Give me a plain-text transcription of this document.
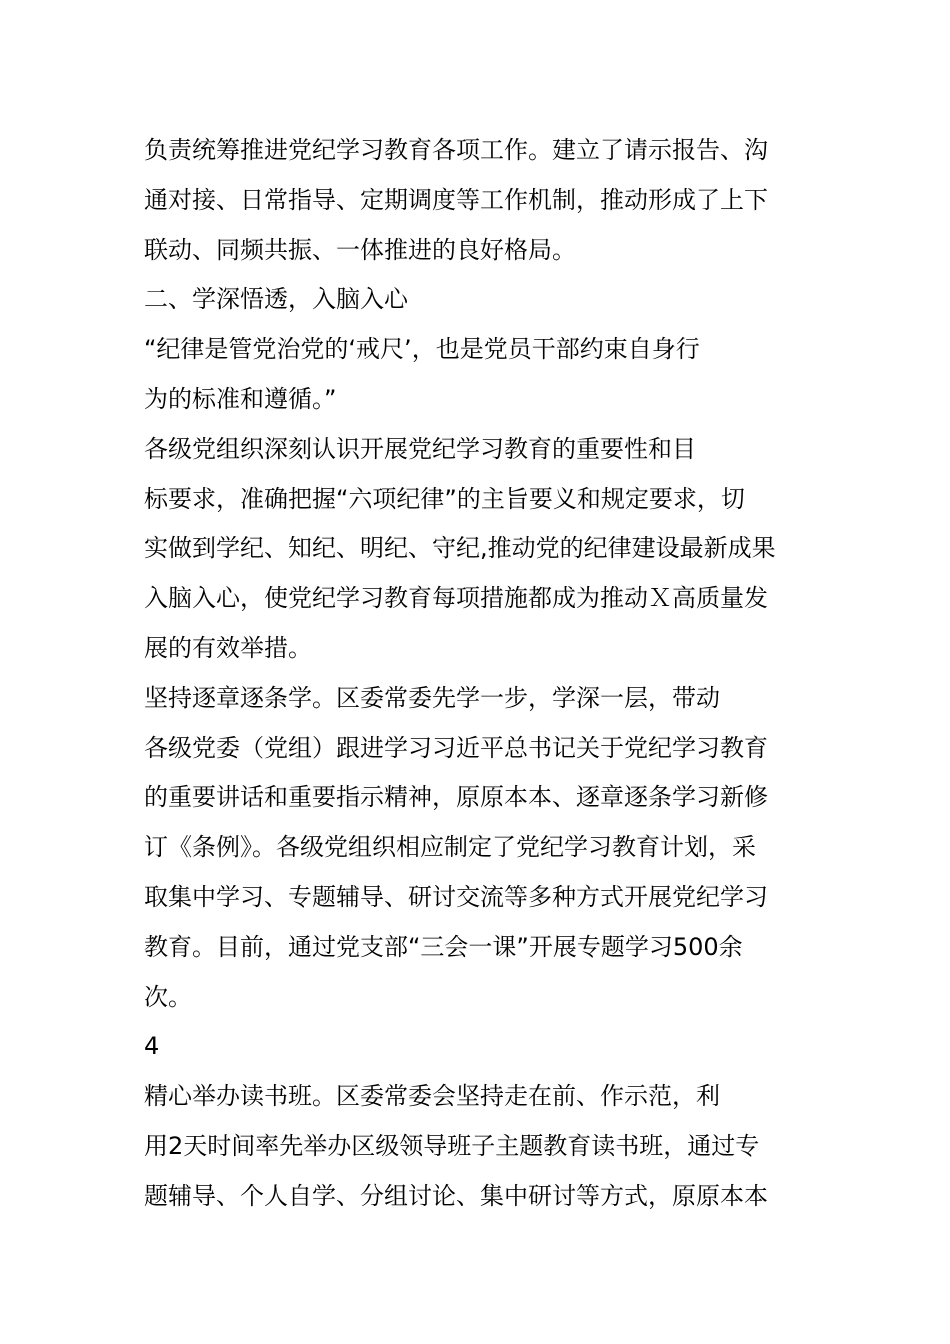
负责统筹推进党纪学习教育各项工作。建立了请示报告、沟
通对接、日常指导、定期调度等工作机制，推动形成了上下
联动、同频共振、一体推进的良好格局。
二、学深悟透，入脑入心
“纪律是管党治党的‘戒尺’，也是党员干部约束自身行
为的标准和遵循。”
各级党组织深刻认识开展党纪学习教育的重要性和目
标要求，准确把握“六项纪律”的主旨要义和规定要求，切
实做到学纪、知纪、明纪、守纪,推动党的纪律建设最新成果
入脑入心，使党纪学习教育每项措施都成为推动Ｘ高质量发
展的有效举措。
坚持逐章逐条学。区委常委先学一步，学深一层，带动
各级党委（党组）跟进学习习近平总书记关于党纪学习教育
的重要讲话和重要指示精神，原原本本、逐章逐条学习新修
订《条例》。各级党组织相应制定了党纪学习教育计划，采
取集中学习、专题辅导、研讨交流等多种方式开展党纪学习
教育。目前，通过党支部“三会一课”开展专题学习500余
次。
4
精心举办读书班。区委常委会坚持走在前、作示范，利
用2天时间率先举办区级领导班子主题教育读书班，通过专
题辅导、个人自学、分组讨论、集中研讨等方式，原原本本
